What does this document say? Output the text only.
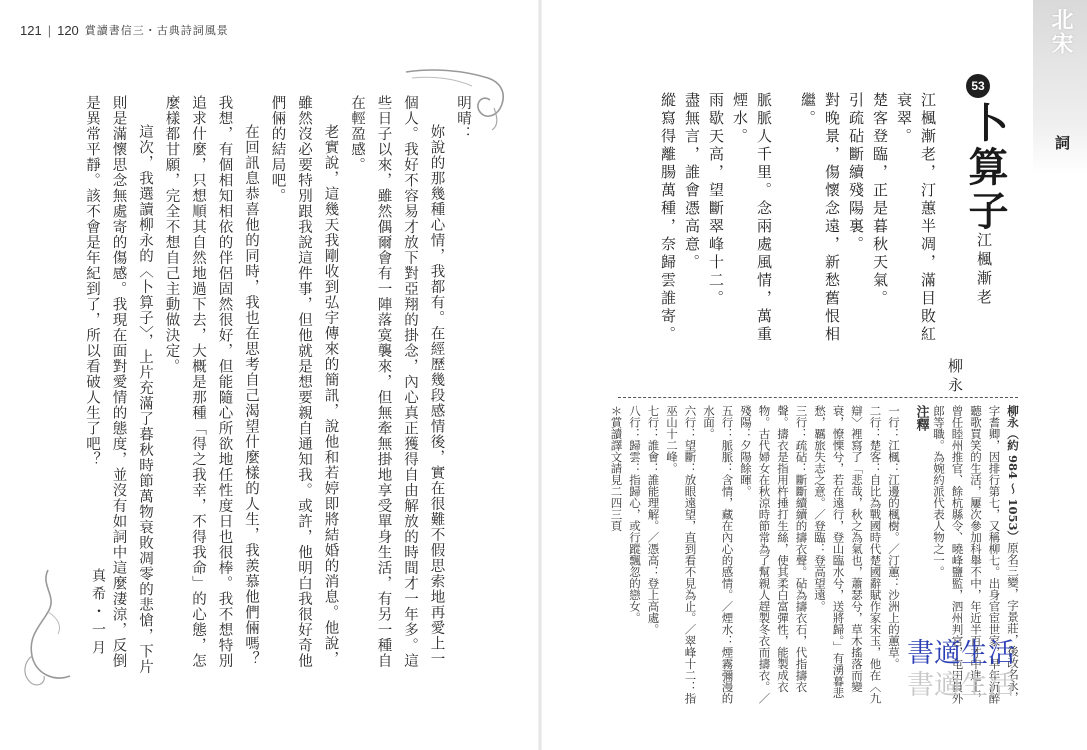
121 | 120 賞讀書信三・古典詩詞風景

明晴：

妳說的那幾種心情，我都有。在經歷幾段感情後，實在很難不假思索地再愛上一個人。我好不容易才放下對亞翔的掛念，內心真正獲得自由解放的時間才一年多。這些日子以來，雖然偶爾會有一陣落寞襲來，但無牽無掛地享受單身生活，有另一種自在輕盈感。

老實說，這幾天我剛收到弘宇傳來的簡訊，說他和若婷即將結婚的消息。他說，雖然沒必要特別跟我說這件事，但他就是想要親自通知我。或許，他明白我很好奇他們倆的結局吧。

在回訊息恭喜他的同時，我也在思考自己渴望什麼樣的人生，我羨慕他們倆嗎？我想，有個相知相依的伴侶固然很好，但能隨心所欲地任性度日也很棒。我不想特別追求什麼，只想順其自然地過下去，大概是那種「得之我幸，不得我命」的心態，怎麼樣都甘願，完全不想自己主動做決定。

這次，我選讀柳永的〈卜算子〉，上片充滿了暮秋時節萬物衰敗凋零的悲愴，下片則是滿懷思念無處寄的傷感。我現在面對愛情的態度，並沒有如詞中這麼淒涼，反倒是異常平靜。該不會是年紀到了，所以看破人生了吧？

真希・一月
北宋
詞
53
卜算子
江楓漸老
柳永
江楓漸老，汀蕙半凋，滿目敗紅衰翠。
楚客登臨，正是暮秋天氣。
引疏砧斷續殘陽裏。
對晚景，傷懷念遠，新愁舊恨相繼。
脈脈人千里。念兩處風情，萬重煙水。
雨歇天高，望斷翠峰十二。
盡無言，誰會憑高意。
縱寫得離腸萬種，奈歸雲誰寄。
柳永（約 984 ～ 1053）原名三變，字景莊，後改名永，字耆卿，因排行第七，又稱柳七。出身官宦世家，早年沉醉聽歌買笑的生活，屢次參加科舉不中，年近半百才中進士，曾任睦州推官、餘杭縣令、曉峰鹽監，泗州判官，屯田員外郎等職。為婉約派代表人物之一。
注釋
一行：江楓：江邊的楓樹。／汀蕙：沙洲上的蕙草。
二行：楚客：自比為戰國時代楚國辭賦作家宋玉，他在〈九辯〉裡寫了「悲哉，秋之為氣也，蕭瑟兮，草木搖落而變衰，憭慄兮，若在遠行，登山臨水兮，送將歸。」有湧暮悲愁，羈旅失志之意。／登臨：登高望遠。
三行：疏砧：斷斷續續的擣衣聲。砧為擣衣石，代指擣衣聲。擣衣是指用杵捶打生絲，使其柔白富彈性，能製成衣物。古代婦女在秋涼時節常為了幫親人趕製冬衣而擣衣。／殘陽：夕陽餘暉。
五行：脈脈：含情，藏在內心的感情。／煙水：煙霧彌漫的水面。
六行：望斷：放眼遠望，直到看不見為止。／翠峰十二：指巫山十二峰。
七行：誰會：誰能理解。／憑高：登上高處。
八行：歸雲：指歸心，或行蹤飄忽的戀女。
＊賞讀譯文請見二四三頁
書適生活
書適生活
